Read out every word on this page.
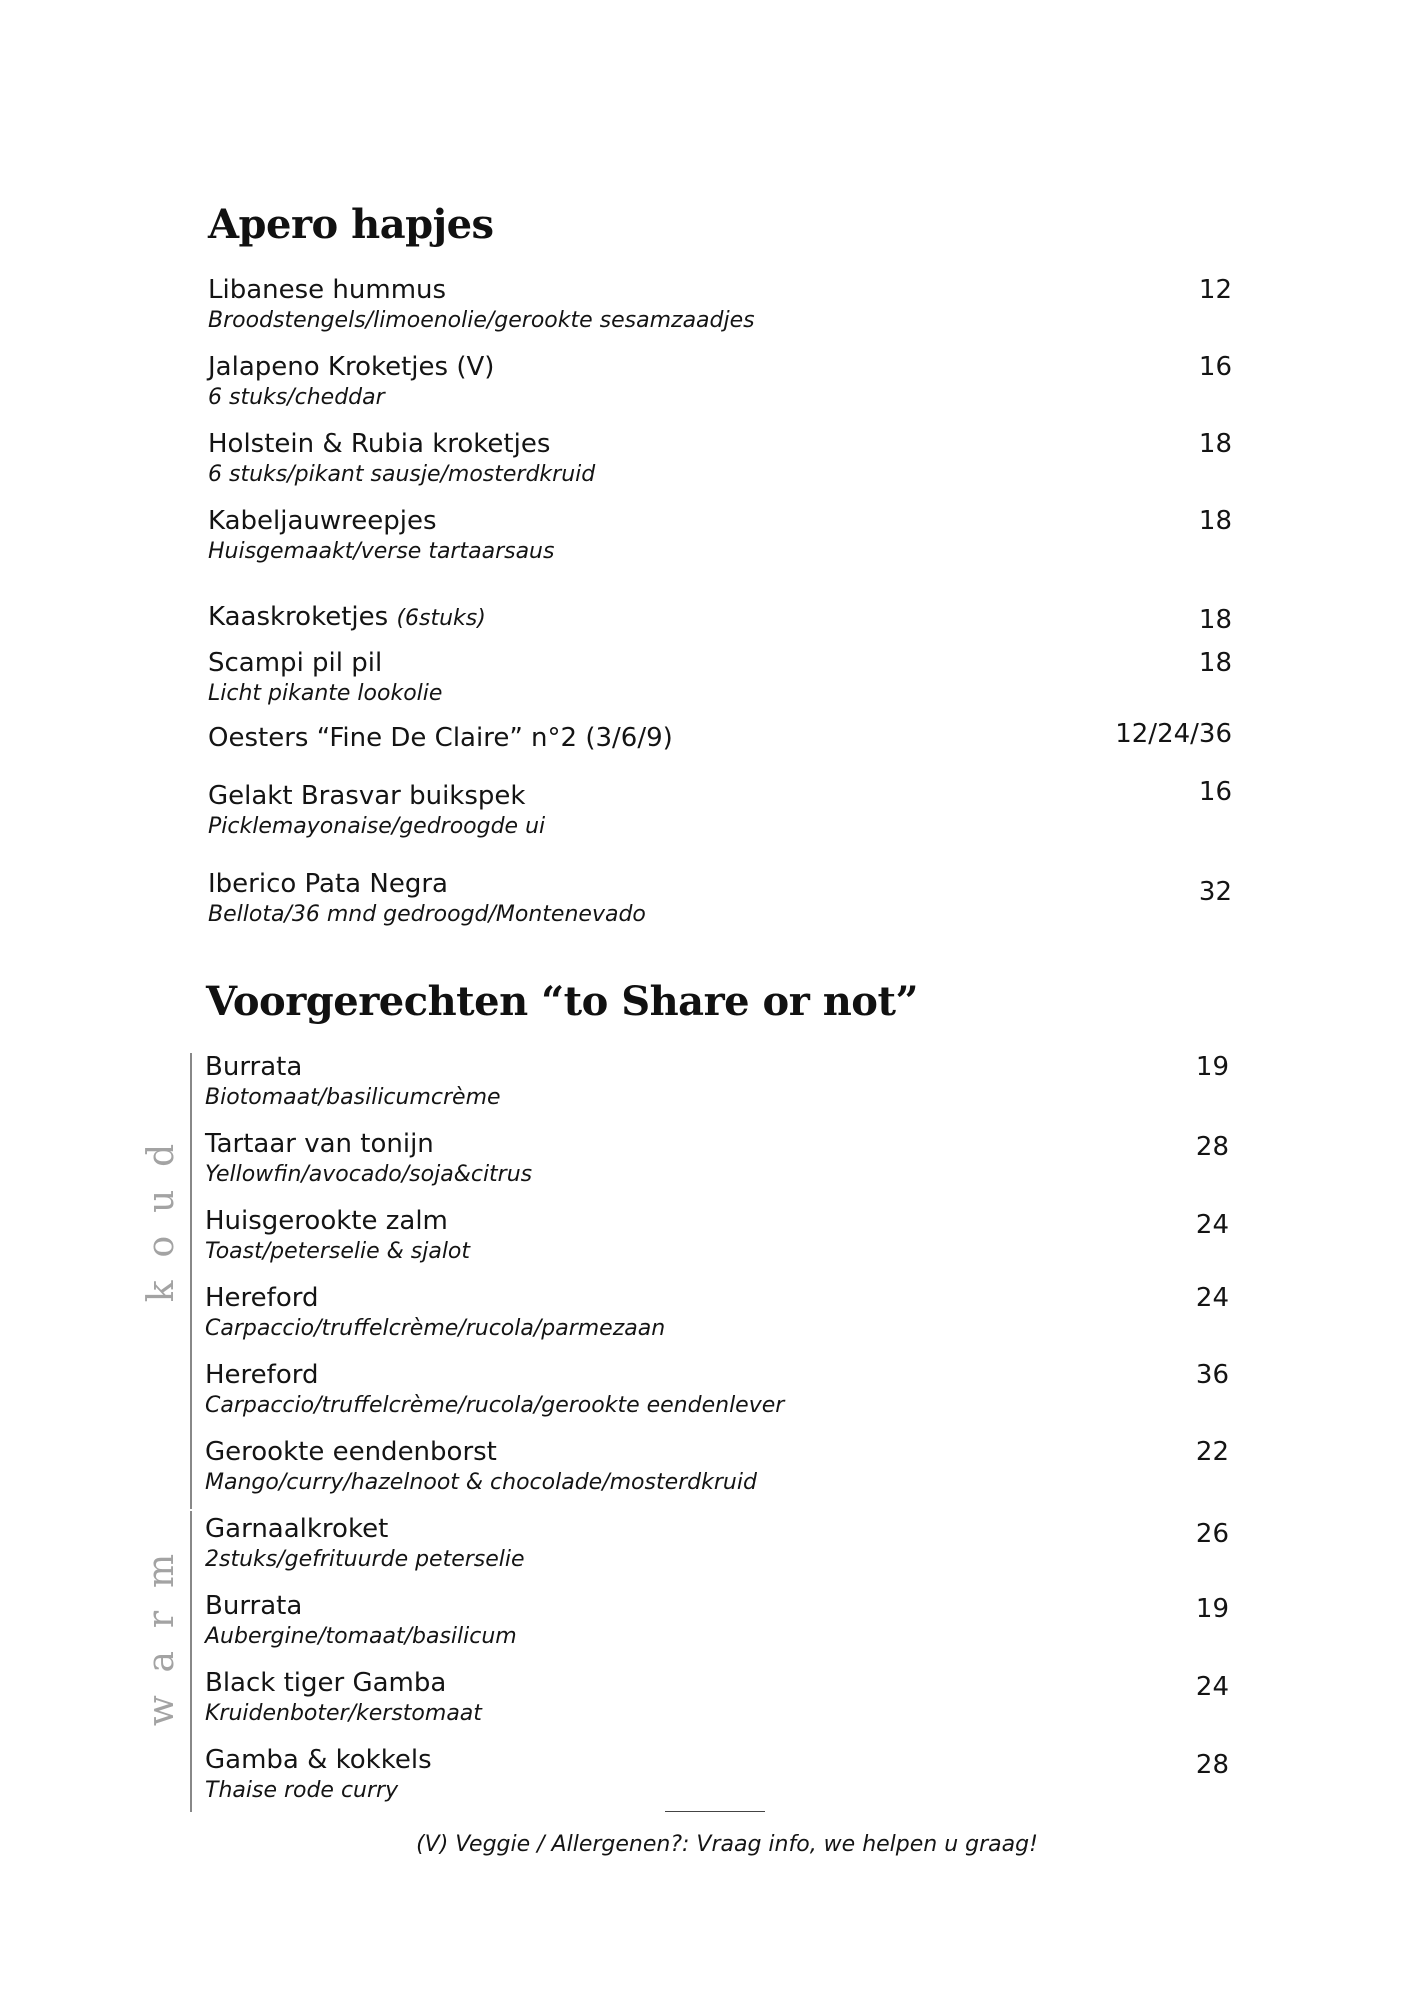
Apero hapjes
Libanese hummus
Broodstengels/limoenolie/gerookte sesamzaadjes
12
Jalapeno Kroketjes (V)
6 stuks/cheddar
16
Holstein & Rubia kroketjes
6 stuks/pikant sausje/mosterdkruid
18
Kabeljauwreepjes
Huisgemaakt/verse tartaarsaus
18
Kaaskroketjes (6stuks)	18
Scampi pil pil
Licht pikante lookolie
18
Oesters “Fine De Claire” n°2 (3/6/9)	12/24/36
Gelakt Brasvar buikspek
Picklemayonaise/gedroogde ui
16
Iberico Pata Negra
Bellota/36 mnd gedroogd/Montenevado
32
Voorgerechten “to Share or not”
k  o  u  d
w  a  r  m
Burrata
Biotomaat/basilicumcrème
19
Tartaar van tonijn
Yellowfin/avocado/soja&citrus
28
Huisgerookte zalm
Toast/peterselie & sjalot
24
Hereford
Carpaccio/truffelcrème/rucola/parmezaan
24
Hereford
Carpaccio/truffelcrème/rucola/gerookte eendenlever
36
Gerookte eendenborst
Mango/curry/hazelnoot & chocolade/mosterdkruid
22
Garnaalkroket
2stuks/gefrituurde peterselie
26
Burrata
Aubergine/tomaat/basilicum
19
Black tiger Gamba
Kruidenboter/kerstomaat
24
Gamba & kokkels
Thaise rode curry
28
(V) Veggie / Allergenen?: Vraag info, we helpen u graag!
